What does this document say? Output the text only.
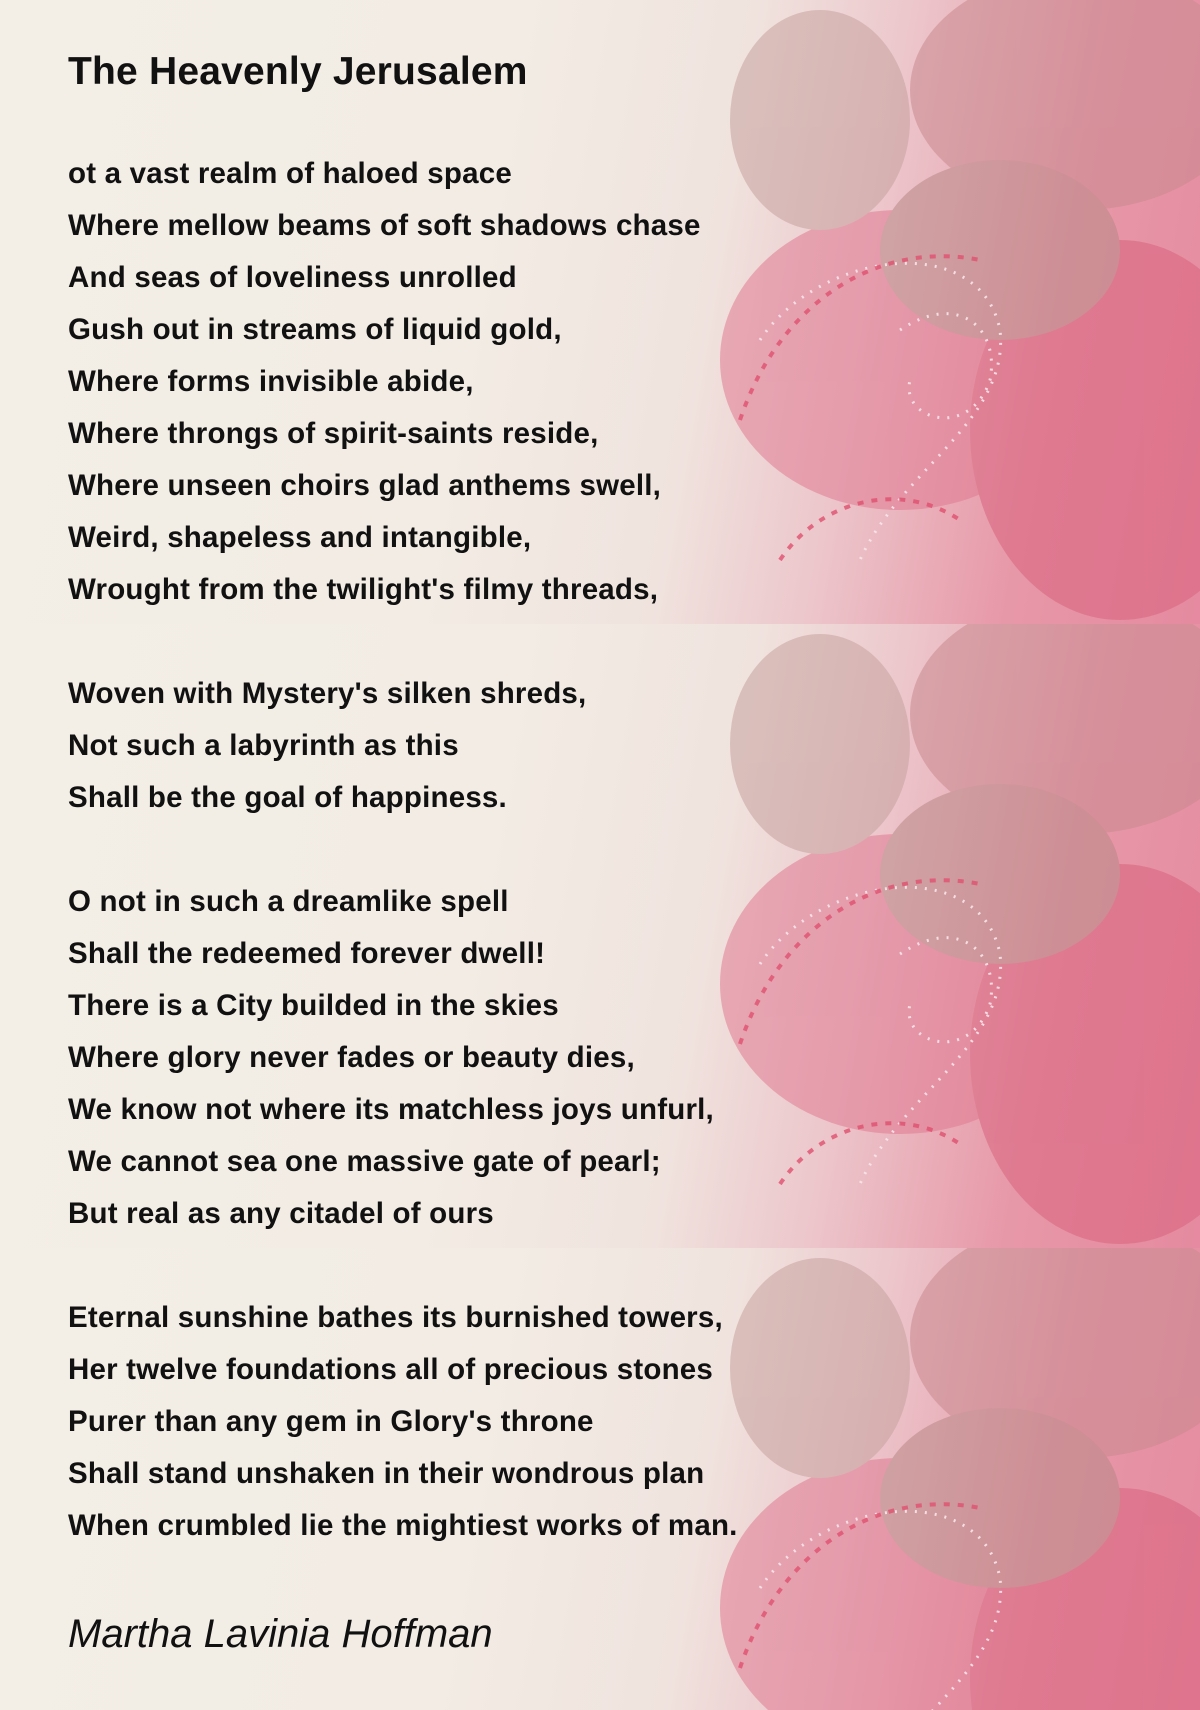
The Heavenly Jerusalem
ot a vast realm of haloed space
Where mellow beams of soft shadows chase
And seas of loveliness unrolled
Gush out in streams of liquid gold,
Where forms invisible abide,
Where throngs of spirit-saints reside,
Where unseen choirs glad anthems swell,
Weird, shapeless and intangible,
Wrought from the twilight's filmy threads,
Woven with Mystery's silken shreds,
Not such a labyrinth as this
Shall be the goal of happiness.
O not in such a dreamlike spell
Shall the redeemed forever dwell!
There is a City builded in the skies
Where glory never fades or beauty dies,
We know not where its matchless joys unfurl,
We cannot sea one massive gate of pearl;
But real as any citadel of ours
Eternal sunshine bathes its burnished towers,
Her twelve foundations all of precious stones
Purer than any gem in Glory's throne
Shall stand unshaken in their wondrous plan
When crumbled lie the mightiest works of man.
Martha Lavinia Hoffman
